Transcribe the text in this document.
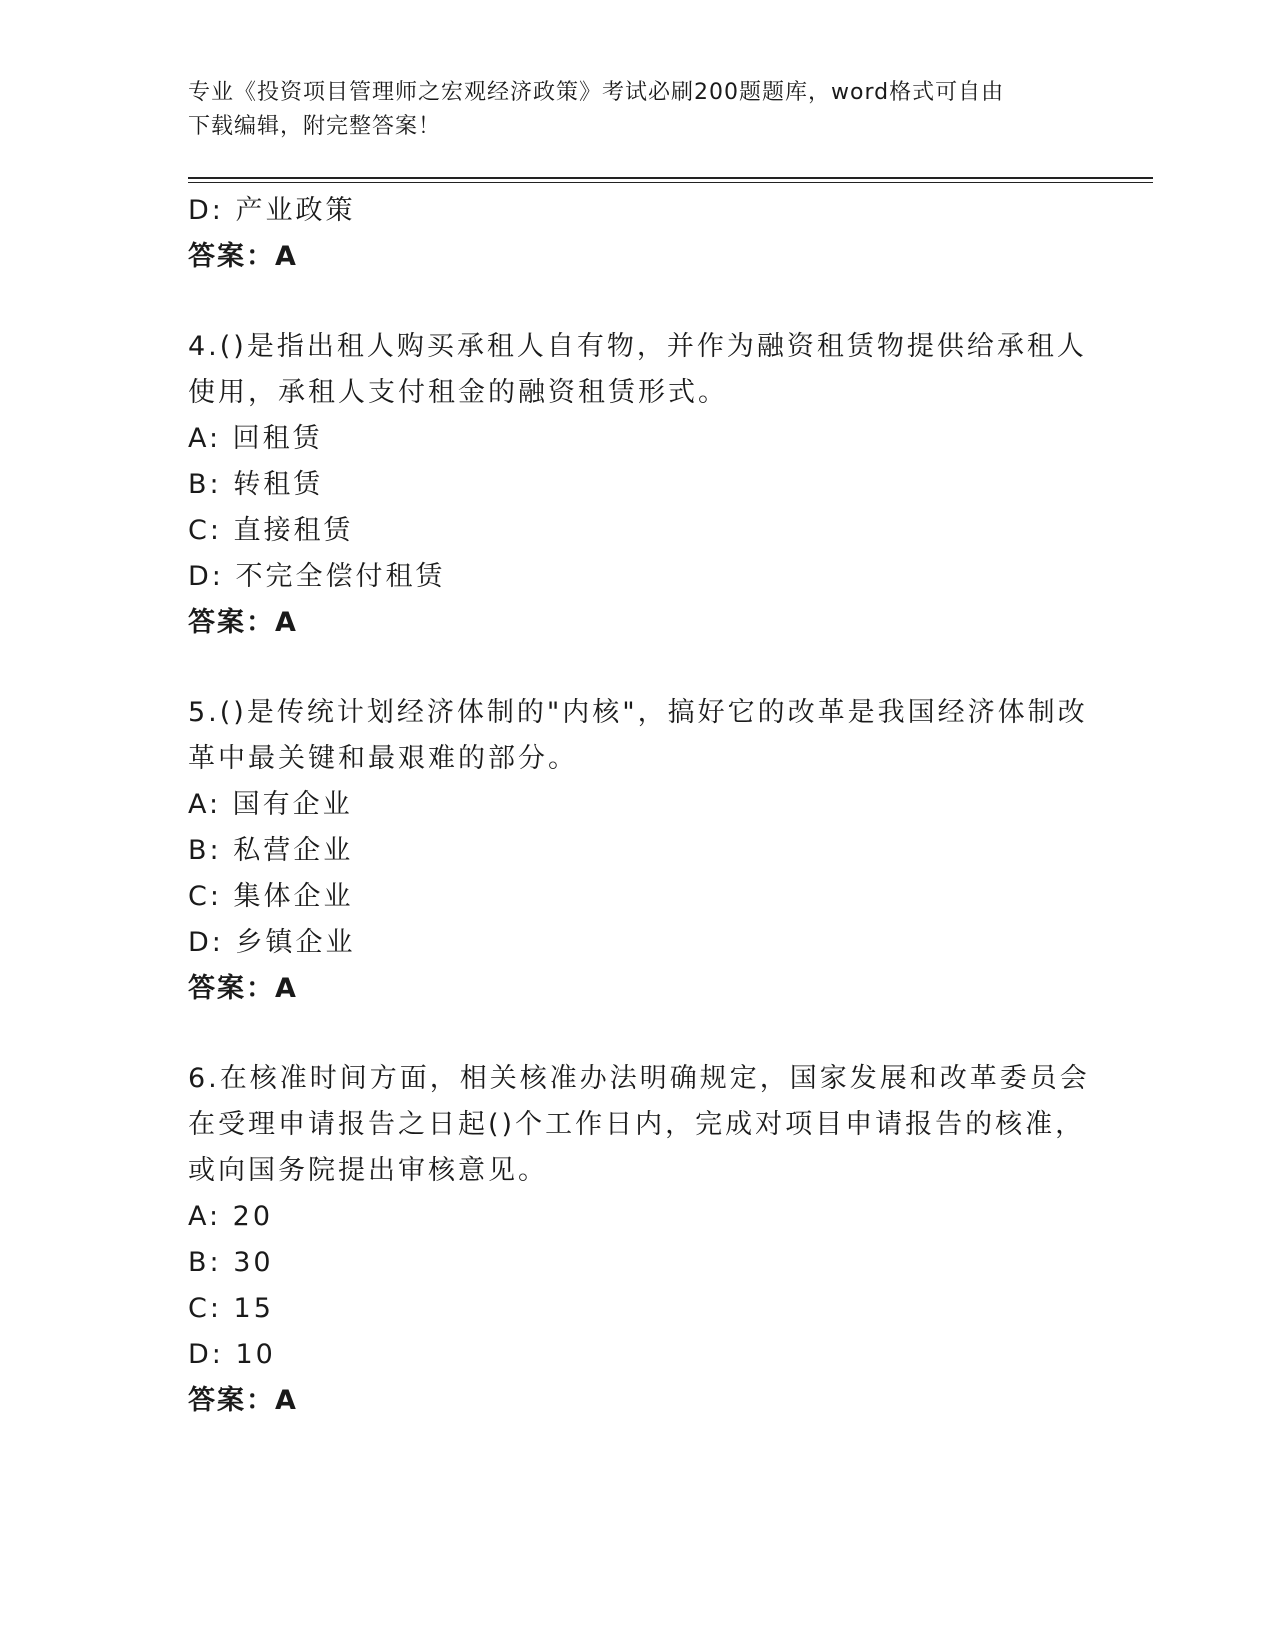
专业《投资项目管理师之宏观经济政策》考试必刷200题题库，word格式可自由
下载编辑，附完整答案！
D: 产业政策
答案：A
4.()是指出租人购买承租人自有物，并作为融资租赁物提供给承租人
使用，承租人支付租金的融资租赁形式。
A: 回租赁
B: 转租赁
C: 直接租赁
D: 不完全偿付租赁
答案：A
5.()是传统计划经济体制的"内核"，搞好它的改革是我国经济体制改
革中最关键和最艰难的部分。
A: 国有企业
B: 私营企业
C: 集体企业
D: 乡镇企业
答案：A
6.在核准时间方面，相关核准办法明确规定，国家发展和改革委员会
在受理申请报告之日起()个工作日内，完成对项目申请报告的核准，
或向国务院提出审核意见。
A: 20
B: 30
C: 15
D: 10
答案：A
